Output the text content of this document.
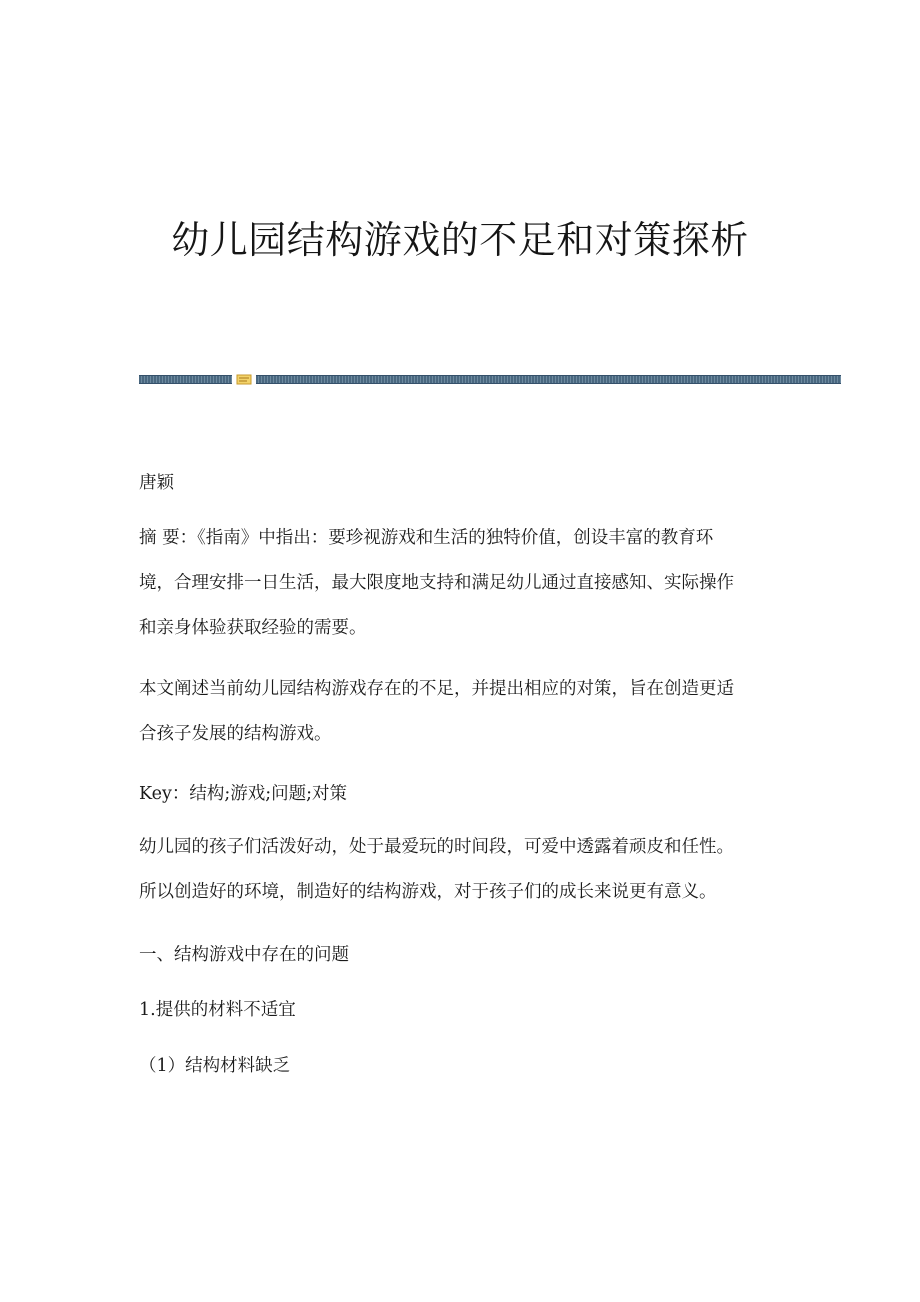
幼儿园结构游戏的不足和对策探析

唐颖

摘 要：《指南》中指出：要珍视游戏和生活的独特价值，创设丰富的教育环

境，合理安排一日生活，最大限度地支持和满足幼儿通过直接感知、实际操作

和亲身体验获取经验的需要。

本文阐述当前幼儿园结构游戏存在的不足，并提出相应的对策，旨在创造更适

合孩子发展的结构游戏。

Key：结构;游戏;问题;对策

幼儿园的孩子们活泼好动，处于最爱玩的时间段，可爱中透露着顽皮和任性。

所以创造好的环境，制造好的结构游戏，对于孩子们的成长来说更有意义。

一、结构游戏中存在的问题

1.提供的材料不适宜

（1）结构材料缺乏
